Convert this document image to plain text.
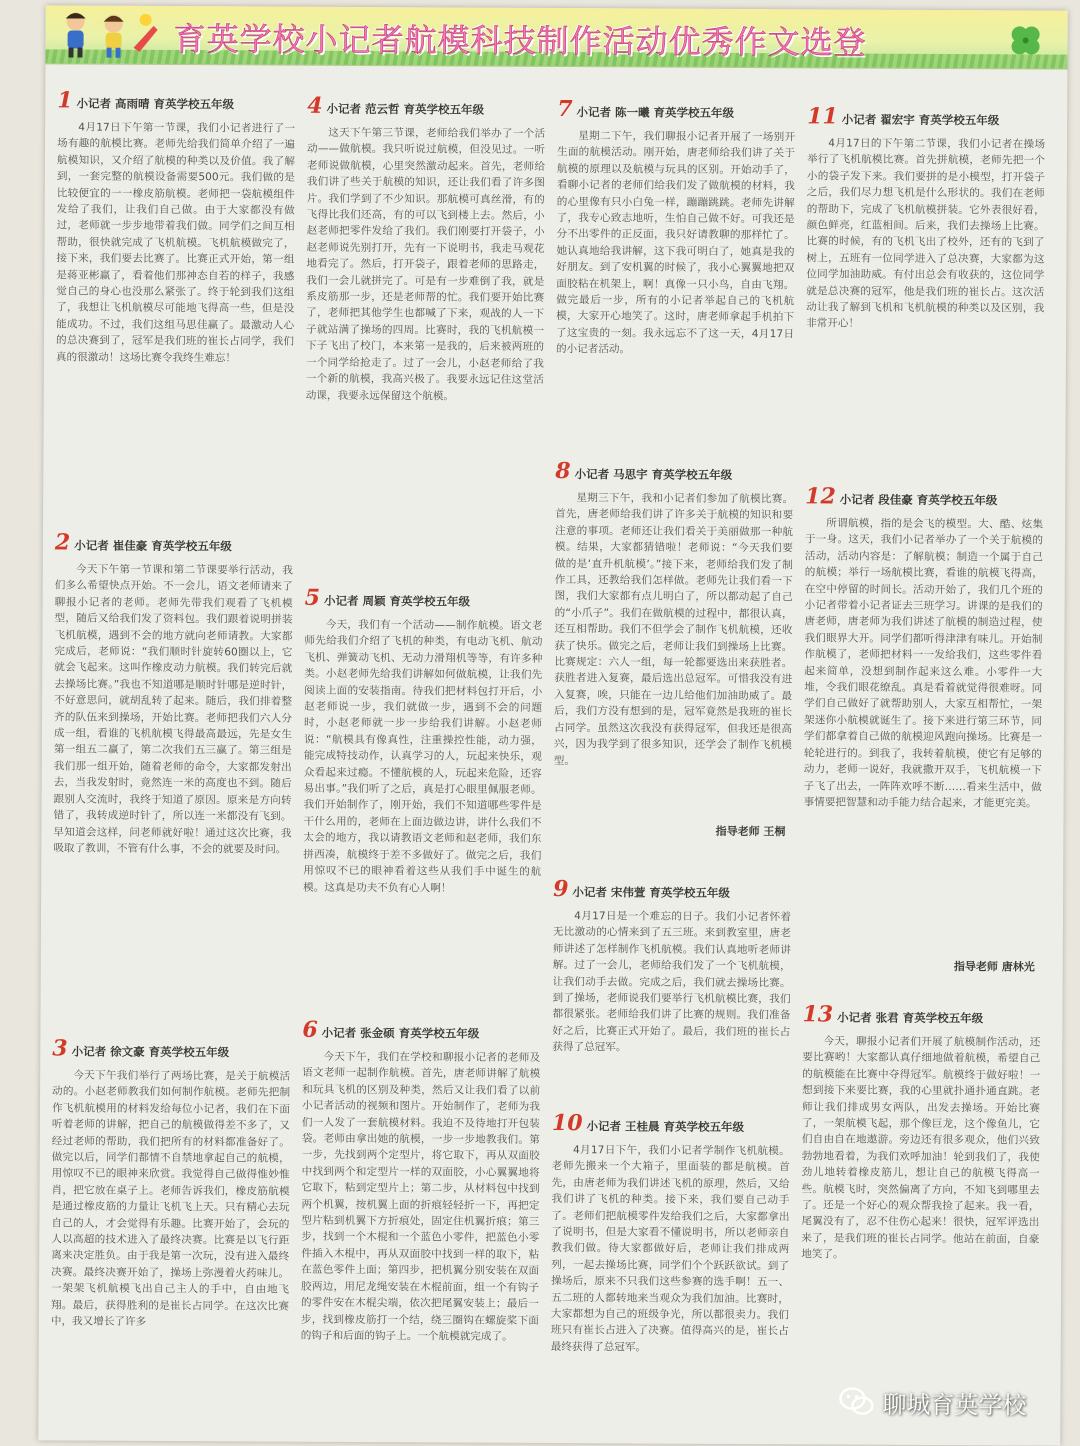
育英学校小记者航模科技制作活动优秀作文选登
1 小记者 高雨晴 育英学校五年级
4月17日下午第一节课，我们小记者进行了一场有趣的航模比赛。老师先给我们简单介绍了一遍航模知识，又介绍了航模的种类以及价值。我了解到，一套完整的航模设备需要500元。我们做的是比较便宜的一一橡皮筋航模。老师把一袋航模组件发给了我们，让我们自己做。由于大家都没有做过，老师就一步步地带着我们做。同学们之间互相帮助，很快就完成了飞机航模。飞机航模做完了，接下来，我们要去比赛了。比赛正式开始，第一组是蒋亚彬赢了，看着他们那神态自若的样子，我感觉自己的身心也没那么紧张了。终于轮到我们这组了，我想让飞机航模尽可能地飞得高一些，但是没能成功。不过，我们这组马思佳赢了。最激动人心的总决赛到了，冠军是我们班的崔长占同学，我们真的很激动！这场比赛令我终生难忘！
2 小记者 崔佳豪 育英学校五年级
今天下午第一节课和第二节课要举行活动，我们多么希望快点开始。不一会儿，语文老师请来了聊报小记者的老师。老师先带我们观看了飞机模型，随后又给我们发了资料包。我们跟着说明拼装飞机航模，遇到不会的地方就向老师请教。大家都完成后，老师说：“我们顺时针旋转60圈以上，它就会飞起来。这叫作橡皮动力航模。我们转完后就去操场比赛。”我也不知道哪是顺时针哪是逆时针，不好意思问，就胡乱转了起来。随后，我们排着整齐的队伍来到操场，开始比赛。老师把我们六人分成一组，看谁的飞机航模飞得最高最远，先是女生第一组五二赢了，第二次我们五三赢了。第三组是我们那一组开始，随着老师的命令，大家都发射出去，当我发射时，竟然连一米的高度也不到。随后跟别人交流时，我终于知道了原因。原来是方向转错了，我转成逆时针了，所以连一米都没有飞到。早知道会这样，问老师就好啦！通过这次比赛，我吸取了教训，不管有什么事，不会的就要及时问。
3 小记者 徐文豪 育英学校五年级
今天下午我们举行了两场比赛，是关于航模活动的。小赵老师教我们如何制作航模。老师先把制作飞机航模用的材料发给每位小记者，我们在下面听着老师的讲解，把自己的航模做得差不多了，又经过老师的帮助，我们把所有的材料都准备好了。做完以后，同学们都情不自禁地拿起自己的航模，用惊叹不已的眼神来欣赏。我觉得自己做得惟妙惟肖，把它放在桌子上。老师告诉我们，橡皮筋航模是通过橡皮筋的力量让飞机飞上天。只有精心去玩自己的人，才会觉得有乐趣。比赛开始了，会玩的人以高超的技术进入了最终决赛。比赛是以飞行距离来决定胜负。由于我是第一次玩，没有进入最终决赛。最终决赛开始了，操场上弥漫着火药味儿。一架架飞机航模飞出自己主人的手中，自由地飞翔。最后，获得胜利的是崔长占同学。在这次比赛中，我又增长了许多
4 小记者 范云哲 育英学校五年级
这天下午第三节课，老师给我们举办了一个活动——做航模。我只听说过航模，但没见过。一听老师说做航模，心里突然激动起来。首先，老师给我们讲了些关于航模的知识，还让我们看了许多图片。我们学到了不少知识。那航模可真丝滑，有的飞得比我们还高，有的可以飞到楼上去。然后，小赵老师把零件发给了我们。我们刚要打开袋子，小赵老师说先别打开，先有一下说明书，我走马观花地看完了。然后，打开袋子，跟着老师的思路走，我们一会儿就拼完了。可是有一步难倒了我，就是系皮筋那一步，还是老师帮的忙。我们要开始比赛了，老师把其他学生也都喊了下来，观战的人一下子就站满了操场的四周。比赛时，我的飞机航模一下子飞出了校门，本来第一是我的，后来被两班的一个同学给抢走了。过了一会儿，小赵老师给了我一个新的航模，我高兴极了。我要永远记住这堂活动课，我要永远保留这个航模。
5 小记者 周颖 育英学校五年级
今天，我们有一个活动——制作航模。语文老师先给我们介绍了飞机的种类，有电动飞机、航动飞机、弹簧动飞机、无动力滑翔机等等，有许多种类。小赵老师先给我们讲解如何做航模，让我们先阅读上面的安装指南。待我们把材料包打开后，小赵老师说一步，我们就做一步，遇到不会的问题时，小赵老师就一步一步给我们讲解。小赵老师说：“航模具有像真性，注重操控性能，动力强，能完成特技动作，认真学习的人，玩起来快乐，观众看起来过瘾。不懂航模的人，玩起来危险，还容易出事。”我们听了之后，真是打心眼里佩服老师。我们开始制作了，刚开始，我们不知道哪些零件是干什么用的，老师在上面边做边讲，讲什么我们不太会的地方，我以请教语文老师和赵老师，我们东拼西凑，航模终于差不多做好了。做完之后，我们用惊叹不已的眼神看着这些从我们手中诞生的航模。这真是功夫不负有心人啊！
6 小记者 张金硕 育英学校五年级
今天下午，我们在学校和聊报小记者的老师及语文老师一起制作航模。首先，唐老师讲解了航模和玩具飞机的区别及种类，然后又让我们看了以前小记者活动的视频和图片。开始制作了，老师为我们一人发了一套航模材料。我迫不及待地打开包装袋。老师由拿出她的航模，一步一步地教我们。第一步，先找到两个定型片，将它取下，再从双面胶中找到两个和定型片一样的双面胶，小心翼翼地将它取下，粘到定型片上；第二步，从材料包中找到两个机翼，按机翼上面的折痕轻轻折一下，再把定型片粘到机翼下方折痕处，固定住机翼折痕；第三步，找到一个木棍和一个蓝色小零件，把蓝色小零件插入木棍中，再从双面胶中找到一样的取下，粘在蓝色零件上面；第四步，把机翼分别安装在双面胶两边，用尼龙绳安装在木棍前面，组一个有钩子的零件安在木棍尖端，依次把尾翼安装上；最后一步，找到橡皮筋打一个结，绕三圈钩在螺旋桨下面的钩子和后面的钩子上。一个航模就完成了。
7 小记者 陈一曦 育英学校五年级
星期二下午，我们聊报小记者开展了一场别开生面的航模活动。刚开始，唐老师给我们讲了关于航模的原理以及航模与玩具的区别。开始动手了，看聊小记者的老师们给我们发了做航模的材料，我的心里像有只小白兔一样，蹦蹦跳跳。老师先讲解了，我专心致志地听，生怕自己做不好。可我还是分不出零件的正反面，我只好请教聊的那样忙了。她认真地给我讲解，这下我可明白了，她真是我的好朋友。到了安机翼的时候了，我小心翼翼地把双面胶粘在机架上，啊！真像一只小鸟，自由飞翔。做完最后一步，所有的小记者举起自己的飞机航模，大家开心地笑了。这时，唐老师拿起手机拍下了这宝贵的一刻。我永远忘不了这一天，4月17日的小记者活动。
8 小记者 马思宇 育英学校五年级
星期三下午，我和小记者们参加了航模比赛。首先，唐老师给我们讲了许多关于航模的知识和要注意的事项。老师还让我们看关于美丽做那一种航模。结果，大家都猜错啦！老师说：“今天我们要做的是‘直升机航模’。”接下来，老师给我们发了制作工具，还教给我们怎样做。老师先让我们看一下图，我们大家都有点儿明白了，所以都动起了自己的“小爪子”。我们在做航模的过程中，都很认真，还互相帮助。我们不但学会了制作飞机航模，还收获了快乐。做完之后，老师让我们到操场上比赛。比赛规定：六人一组，每一轮都要选出来获胜者。获胜者进入复赛，最后选出总冠军。可惜我没有进入复赛，唉，只能在一边儿给他们加油助威了。最后，我们方没有想到的是，冠军竟然是我班的崔长占同学。虽然这次我没有获得冠军，但我还是很高兴，因为我学到了很多知识，还学会了制作飞机模型。
指导老师 王桐
9 小记者 宋伟萱 育英学校五年级
4月17日是一个难忘的日子。我们小记者怀着无比激动的心情来到了五三班。来到教室里，唐老师讲述了怎样制作飞机航模。我们认真地听老师讲解。过了一会儿，老师给我们发了一个飞机航模，让我们动手去做。完成之后，我们就去操场比赛。到了操场，老师说我们要举行飞机航模比赛，我们都很紧张。老师给我们讲了比赛的规则。我们准备好之后，比赛正式开始了。最后，我们班的崔长占获得了总冠军。
10 小记者 王桂晨 育英学校五年级
4月17日下午，我们小记者学制作飞机航模。老师先搬来一个大箱子，里面装的都是航模。首先，由唐老师为我们讲述飞机的原理，然后，又给我们讲了飞机的种类。接下来，我们要自己动手了。老师们把航模零件发给我们之后，大家都拿出了说明书，但是大家看不懂说明书，所以老师亲自教我们做。待大家都做好后，老师让我们排成两列，一起去操场比赛，同学们个个跃跃欲试。到了操场后，原来不只我们这些参赛的选手啊！五一、五二班的人都转地来当观众为我们加油。比赛时，大家都想为自己的班级争光，所以都很卖力。我们班只有崔长占进入了决赛。值得高兴的是，崔长占最终获得了总冠军。
11 小记者 翟宏宇 育英学校五年级
4月17日的下午第二节课，我们小记者在操场举行了飞机航模比赛。首先拼航模，老师先把一个小的袋子发下来。我们要拼的是小模型，打开袋子之后，我们尽力想飞机是什么形状的。我们在老师的帮助下，完成了飞机航模拼装。它外表很好看，颜色鲜亮，红蓝相间。后来，我们去操场上比赛。比赛的时候，有的飞机飞出了校外，还有的飞到了树上，五班有一位同学进入了总决赛，大家都为这位同学加油助威。有付出总会有收获的，这位同学就是总决赛的冠军，他是我们班的崔长占。这次活动让我了解到飞机和飞机航模的种类以及区别，我非常开心！
12 小记者 段佳豪 育英学校五年级
所谓航模，指的是会飞的模型。大、酷、炫集于一身。这天，我们小记者举办了一个关于航模的活动，活动内容是：了解航模；制造一个属于自己的航模；举行一场航模比赛，看谁的航模飞得高，在空中停留的时间长。活动开始了，我们几个班的小记者带着小记者证去三班学习。讲课的是我们的唐老师，唐老师为我们讲述了航模的制造过程，使我们眼界大开。同学们都听得津津有味儿。开始制作航模了，老师把材料一一发给我们，这些零件看起来简单，没想到制作起来这么难。小零件一大堆，令我们眼花缭乱。真是看着就觉得很难呀。同学们自己做好了就帮助别人，大家互相帮忙，一架架迷你小航模就诞生了。接下来进行第三环节，同学们都拿着自己做的航模迎风跑向操场。比赛是一轮轮进行的。到我了，我转着航模，使它有足够的动力，老师一说好，我就撒开双手，飞机航模一下子飞了出去，一阵阵欢呼不断……看来生活中，做事情要把智慧和动手能力结合起来，才能更完美。
指导老师 唐林光
13 小记者 张君 育英学校五年级
今天，聊报小记者们开展了航模制作活动，还要比赛哟！大家都认真仔细地做着航模，希望自己的航模能在比赛中夺得冠军。航模终于做好啦！一想到接下来要比赛，我的心里就扑通扑通直跳。老师让我们排成男女两队，出发去操场。开始比赛了，一架航模飞起，那个像巨龙，这个像鱼儿，它们自由自在地遨游。旁边还有很多观众，他们兴致勃勃地看着，为我们欢呼加油！轮到我们了，我使劲儿地转着橡皮筋儿，想让自己的航模飞得高一些。航模飞时，突然偏离了方向，不知飞到哪里去了。还是一个好心的观众帮我捡了起来。我一看，尾翼没有了，忍不住伤心起来！很快，冠军评选出来了，是我们班的崔长占同学。他站在前面，自豪地笑了。
聊城育英学校
